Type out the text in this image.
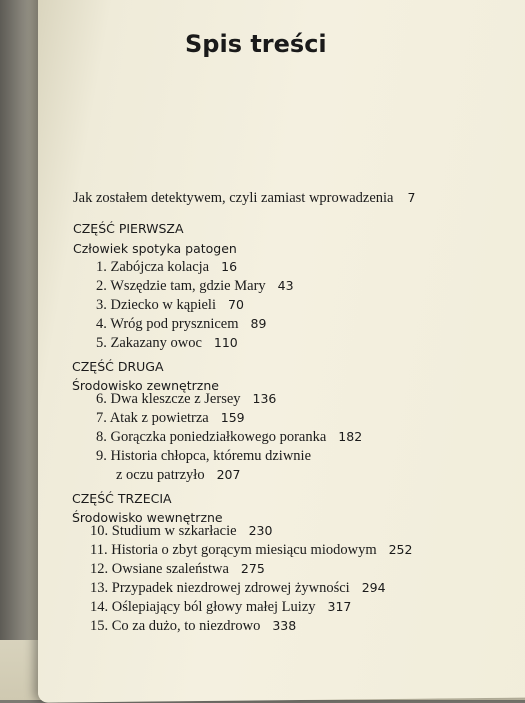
Spis treści
Jak zostałem detektywem, czyli zamiast wprowadzenia 7
CZĘŚĆ PIERWSZA
Człowiek spotyka patogen
1. Zabójcza kolacja 16
2. Wszędzie tam, gdzie Mary 43
3. Dziecko w kąpieli 70
4. Wróg pod prysznicem 89
5. Zakazany owoc 110
CZĘŚĆ DRUGA
Środowisko zewnętrzne
6. Dwa kleszcze z Jersey 136
7. Atak z powietrza 159
8. Gorączka poniedziałkowego poranka 182
9. Historia chłopca, któremu dziwnie
z oczu patrzyło 207
CZĘŚĆ TRZECIA
Środowisko wewnętrzne
10. Studium w szkarłacie 230
11. Historia o zbyt gorącym miesiącu miodowym 252
12. Owsiane szaleństwa 275
13. Przypadek niezdrowej zdrowej żywności 294
14. Oślepiający ból głowy małej Luizy 317
15. Co za dużo, to niezdrowo 338
